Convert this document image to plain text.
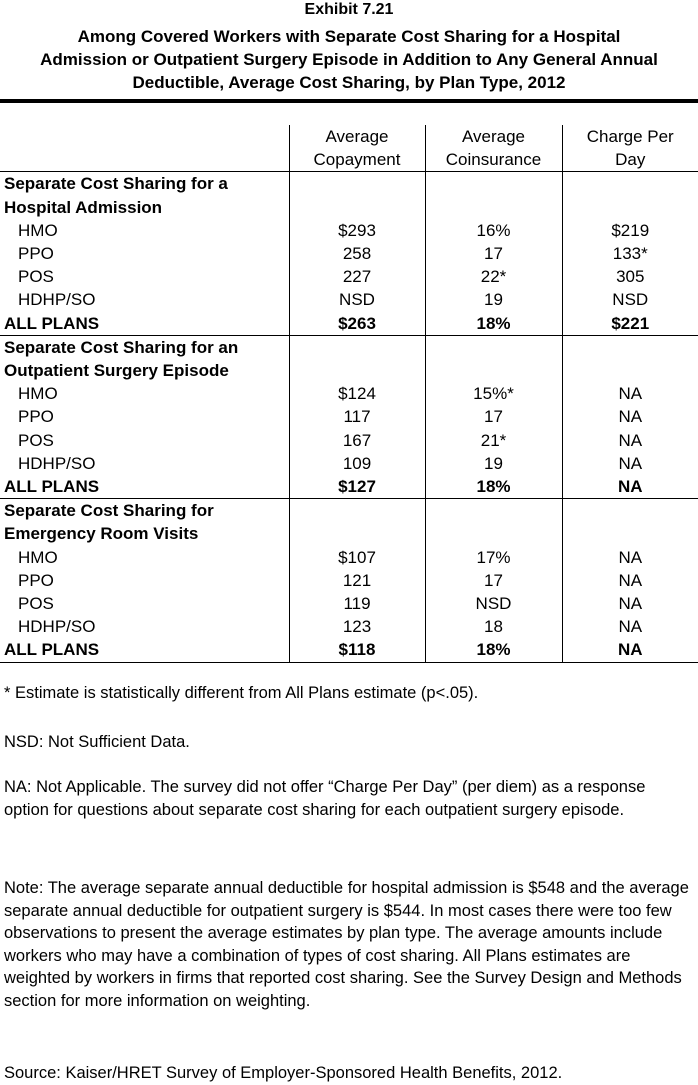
Exhibit 7.21
Among Covered Workers with Separate Cost Sharing for a Hospital
Admission or Outpatient Surgery Episode in Addition to Any General Annual
Deductible, Average Cost Sharing, by Plan Type, 2012
	Average	Average	Charge Per
	Copayment	Coinsurance	Day
Separate Cost Sharing for a			
Hospital Admission			
HMO	$293	16%	$219
PPO	258	17	133*
POS	227	22*	305
HDHP/SO	NSD	19	NSD
ALL PLANS	$263	18%	$221
Separate Cost Sharing for an			
Outpatient Surgery Episode			
HMO	$124	15%*	NA
PPO	117	17	NA
POS	167	21*	NA
HDHP/SO	109	19	NA
ALL PLANS	$127	18%	NA
Separate Cost Sharing for			
Emergency Room Visits			
HMO	$107	17%	NA
PPO	121	17	NA
POS	119	NSD	NA
HDHP/SO	123	18	NA
ALL PLANS	$118	18%	NA
* Estimate is statistically different from All Plans estimate (p<.05).
NSD: Not Sufficient Data.
NA: Not Applicable. The survey did not offer “Charge Per Day” (per diem) as a response option for questions about separate cost sharing for each outpatient surgery episode.
Note: The average separate annual deductible for hospital admission is $548 and the average separate annual deductible for outpatient surgery is $544. In most cases there were too few observations to present the average estimates by plan type. The average amounts include workers who may have a combination of types of cost sharing. All Plans estimates are weighted by workers in firms that reported cost sharing. See the Survey Design and Methods section for more information on weighting.
Source: Kaiser/HRET Survey of Employer-Sponsored Health Benefits, 2012.
